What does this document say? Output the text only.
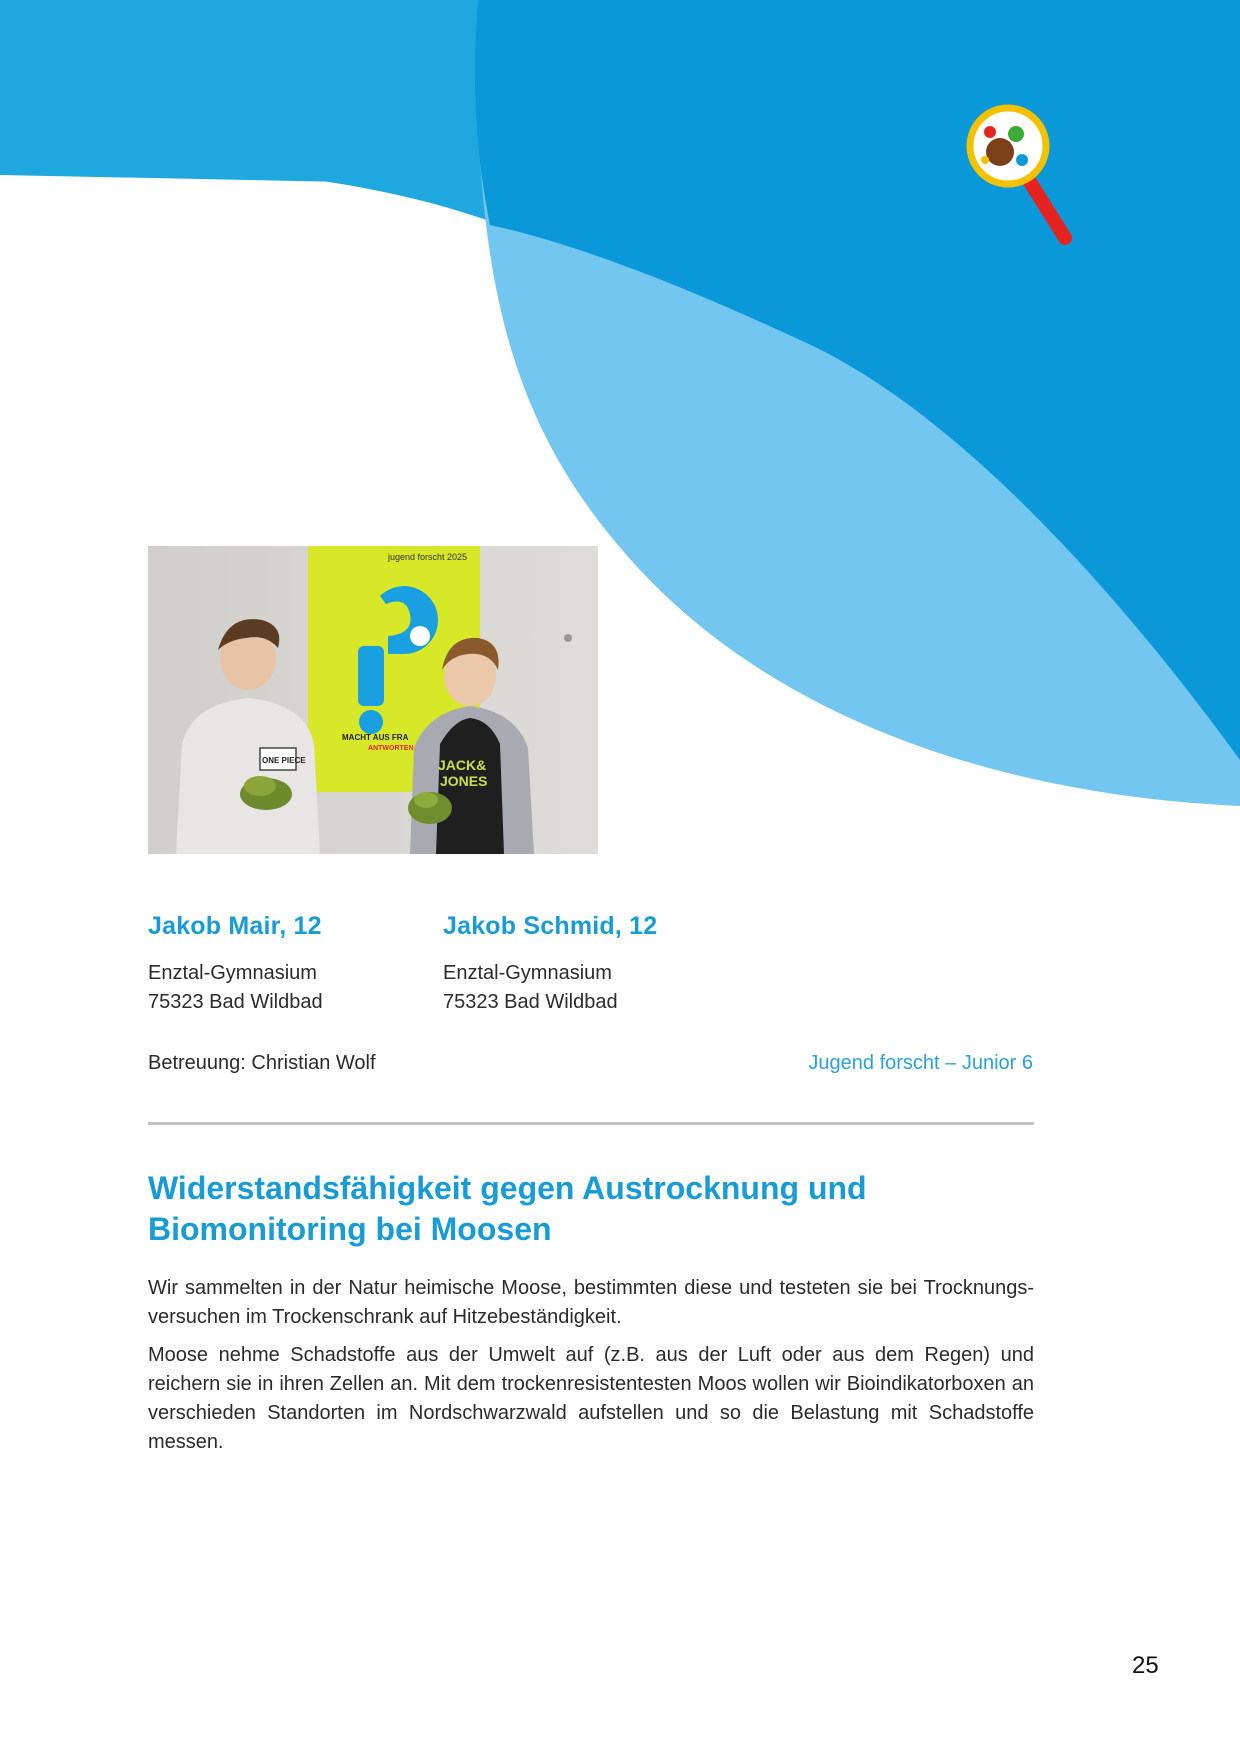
jugend forscht 2025
MACHT AUS FRA
ANTWORTEN
ONE PIECE	JACK&
JONES
Jakob Mair, 12
Enztal-Gymnasium
75323 Bad Wildbad
Jakob Schmid, 12
Enztal-Gymnasium
75323 Bad Wildbad
Betreuung: Christian Wolf	Jugend forscht – Junior 6
Widerstandsfähigkeit gegen Austrocknung und
Biomonitoring bei Moosen

Wir sammelten in der Natur heimische Moose, bestimmten diese und testeten sie bei Trocknungs-versuchen im Trockenschrank auf Hitzebeständigkeit.

Moose nehme Schadstoffe aus der Umwelt auf (z.B. aus der Luft oder aus dem Regen) und reichern sie in ihren Zellen an. Mit dem trockenresistentesten Moos wollen wir Bioindikatorboxen an verschieden Standorten im Nordschwarzwald aufstellen und so die Belastung mit Schadstoffe messen.

25
